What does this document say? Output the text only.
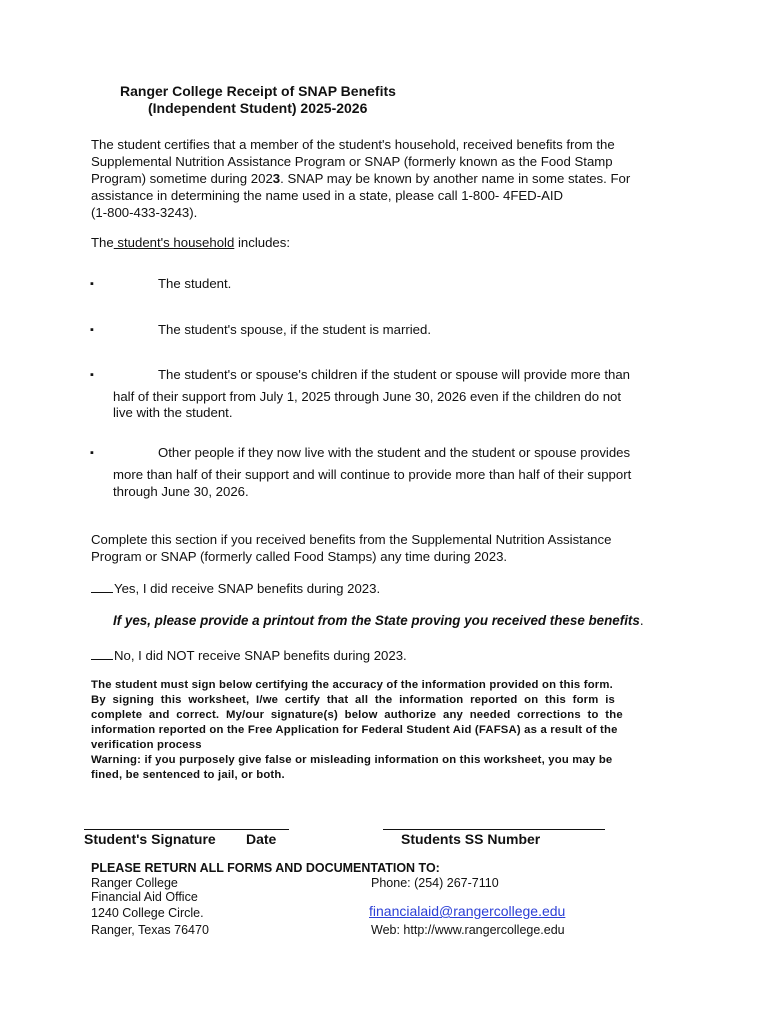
Ranger College Receipt of SNAP Benefits
(Independent Student) 2025-2026
The student certifies that a member of the student's household, received benefits from the
Supplemental Nutrition Assistance Program or SNAP (formerly known as the Food Stamp
Program) sometime during 2023. SNAP may be known by another name in some states. For
assistance in determining the name used in a state, please call 1-800- 4FED-AID
(1-800-433-3243).
The student's household includes:
▪	The student.
▪	The student's spouse, if the student is married.
▪	The student's or spouse's children if the student or spouse will provide more than
half of their support from July 1, 2025 through June 30, 2026 even if the children do not
live with the student.
▪	Other people if they now live with the student and the student or spouse provides
more than half of their support and will continue to provide more than half of their support
through June 30, 2026.
Complete this section if you received benefits from the Supplemental Nutrition Assistance
Program or SNAP (formerly called Food Stamps) any time during 2023.
Yes, I did receive SNAP benefits during 2023.
If yes, please provide a printout from the State proving you received these benefits.
No, I did NOT receive SNAP benefits during 2023.
The student must sign below certifying the accuracy of the information provided on this form.
By  signing  this  worksheet,  I/we  certify  that  all  the  information  reported  on  this  form  is
complete  and  correct.  My/our  signature(s)  below  authorize  any  needed  corrections  to  the
information reported on the Free Application for Federal Student Aid (FAFSA) as a result of the
verification process
Warning: if you purposely give false or misleading information on this worksheet, you may be
fined, be sentenced to jail, or both.
Student's Signature Date	Students SS Number
PLEASE RETURN ALL FORMS AND DOCUMENTATION TO:
Ranger College
Financial Aid Office
1240 College Circle.
Ranger, Texas 76470
Phone: (254) 267-7110
financialaid@rangercollege.edu
Web: http://www.rangercollege.edu
